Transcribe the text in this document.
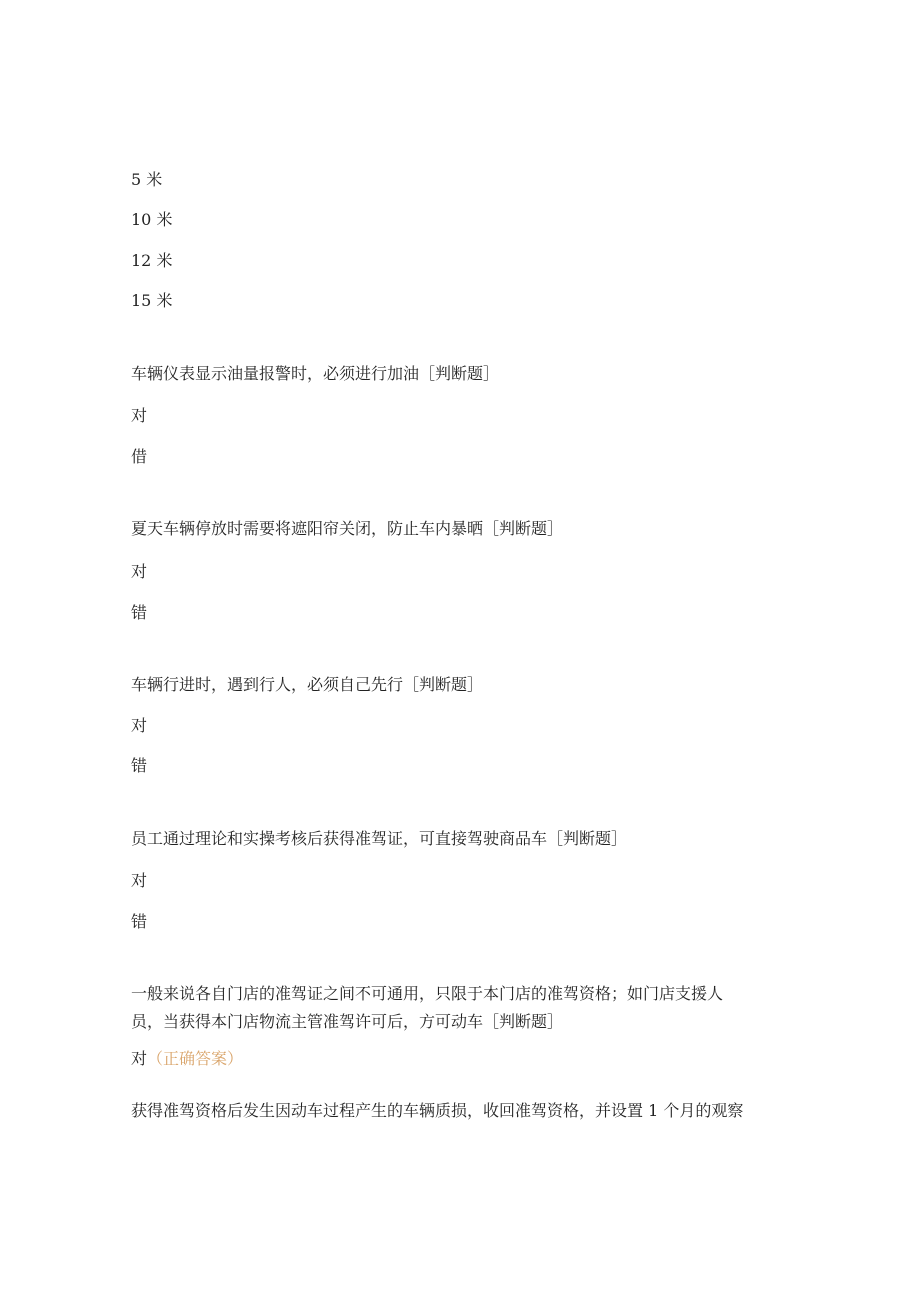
5 米
10 米
12 米
15 米
车辆仪表显示油量报警时，必须进行加油［判断题］
对
借
夏天车辆停放时需要将遮阳帘关闭，防止车内暴晒［判断题］
对
错
车辆行进时，遇到行人，必须自己先行［判断题］
对
错
员工通过理论和实操考核后获得准驾证，可直接驾驶商品车［判断题］
对
错
一般来说各自门店的准驾证之间不可通用，只限于本门店的准驾资格；如门店支援人
员，当获得本门店物流主管准驾许可后，方可动车［判断题］
对（正确答案）
获得准驾资格后发生因动车过程产生的车辆质损，收回准驾资格，并设置 1 个月的观察
